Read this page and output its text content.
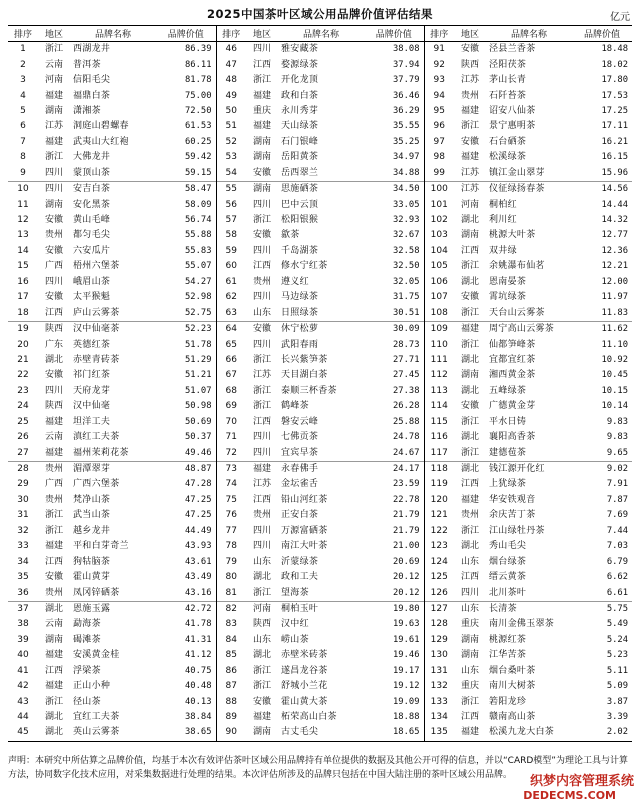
2025中国茶叶区域公用品牌价值评估结果	亿元
排序	地区	品牌名称	品牌价值	排序	地区	品牌名称	品牌价值	排序	地区	品牌名称	品牌价值
1	浙江	西湖龙井	86.39	46	四川	雅安藏茶	38.08	91	安徽	泾县兰香茶	18.48
2	云南	普洱茶	86.11	47	江西	婺源绿茶	37.94	92	陕西	泾阳茯茶	18.02
3	河南	信阳毛尖	81.78	48	浙江	开化龙顶	37.79	93	江苏	茅山长青	17.80
4	福建	福鼎白茶	75.00	49	福建	政和白茶	36.46	94	贵州	石阡苔茶	17.53
5	湖南	潇湘茶	72.50	50	重庆	永川秀芽	36.29	95	福建	诏安八仙茶	17.25
6	江苏	洞庭山碧螺春	61.53	51	福建	天山绿茶	35.55	96	浙江	景宁惠明茶	17.11
7	福建	武夷山大红袍	60.25	52	湖南	石门银峰	35.25	97	安徽	石台硒茶	16.21
8	浙江	大佛龙井	59.42	53	湖南	岳阳黄茶	34.97	98	福建	松溪绿茶	16.15
9	四川	蒙顶山茶	59.15	54	安徽	岳西翠兰	34.88	99	江苏	镇江金山翠芽	15.96
10	四川	安吉白茶	58.47	55	湖南	思施硒茶	34.50	100	江苏	仪征绿扬春茶	14.56
11	湖南	安化黑茶	58.09	56	四川	巴中云顶	33.05	101	河南	桐柏红	14.44
12	安徽	黄山毛峰	56.74	57	浙江	松阳银猴	32.93	102	湖北	利川红	14.32
13	贵州	都匀毛尖	55.88	58	安徽	歙茶	32.67	103	湖南	桃源大叶茶	12.77
14	安徽	六安瓜片	55.83	59	四川	千岛湖茶	32.58	104	江西	双井绿	12.36
15	广西	梧州六堡茶	55.07	60	江西	修水宁红茶	32.50	105	浙江	余姚瀑布仙茗	12.21
16	四川	峨眉山茶	54.27	61	贵州	遵义红	32.05	106	湖北	恩南晏茶	12.00
17	安徽	太平猴魁	52.98	62	四川	马边绿茶	31.75	107	安徽	霄坑绿茶	11.97
18	江西	庐山云雾茶	52.75	63	山东	日照绿茶	30.51	108	浙江	天台山云雾茶	11.83
19	陕西	汉中仙毫茶	52.23	64	安徽	休宁松萝	30.09	109	福建	周宁高山云雾茶	11.62
20	广东	英德红茶	51.78	65	四川	武阳春雨	28.73	110	浙江	仙都笋峰茶	11.10
21	湖北	赤壁青砖茶	51.29	66	浙江	长兴紫笋茶	27.71	111	湖北	宜都宜红茶	10.92
22	安徽	祁门红茶	51.21	67	江苏	天目湖白茶	27.45	112	湖南	湘西黄金茶	10.45
23	四川	天府龙芽	51.07	68	浙江	泰顺三杯香茶	27.38	113	湖北	五峰绿茶	10.15
24	陕西	汉中仙毫	50.98	69	浙江	鹤峰茶	26.28	114	安徽	广德黄金芽	10.14
25	福建	坦洋工夫	50.69	70	江西	磐安云峰	25.88	115	浙江	平水日铸	9.83
26	云南	滇红工夫茶	50.37	71	四川	七佛贡茶	24.78	116	湖北	襄阳高香茶	9.83
27	福建	福州茉莉花茶	49.46	72	四川	宜宾早茶	24.67	117	浙江	建德苞茶	9.65
28	贵州	湄潭翠芽	48.87	73	福建	永春佛手	24.17	118	湖北	钱江源开化红	9.02
29	广西	广西六堡茶	47.28	74	江苏	金坛雀舌	23.59	119	江西	上犹绿茶	7.91
30	贵州	梵净山茶	47.25	75	江西	铅山河红茶	22.78	120	福建	华安铁观音	7.87
31	浙江	武当山茶	47.25	76	贵州	正安白茶	21.79	121	贵州	余庆苦丁茶	7.69
32	浙江	越乡龙井	44.49	77	四川	万源富硒茶	21.79	122	浙江	江山绿牡丹茶	7.44
33	福建	平和白芽奇兰	43.93	78	四川	南江大叶茶	21.00	123	湖北	秀山毛尖	7.03
34	江西	狗牯脑茶	43.61	79	山东	沂蒙绿茶	20.69	124	山东	烟台绿茶	6.79
35	安徽	霍山黄芽	43.49	80	湖北	政和工夫	20.12	125	江西	缙云黄茶	6.62
36	贵州	凤冈锌硒茶	43.16	81	浙江	望海茶	20.12	126	四川	北川茶叶	6.61
37	湖北	恩施玉露	42.72	82	河南	桐柏玉叶	19.80	127	山东	长清茶	5.75
38	云南	勐海茶	41.78	83	陕西	汉中红	19.63	128	重庆	南川金佛玉翠茶	5.49
39	湖南	碣滩茶	41.31	84	山东	崂山茶	19.61	129	湖南	桃源红茶	5.24
40	福建	安溪黄金桂	41.12	85	湖北	赤壁米砖茶	19.46	130	湖南	江华苦茶	5.23
41	江西	浮梁茶	40.75	86	浙江	遂昌龙谷茶	19.17	131	山东	烟台桑叶茶	5.11
42	福建	正山小种	40.48	87	浙江	舒城小兰花	19.12	132	重庆	南川大树茶	5.09
43	浙江	径山茶	40.13	88	安徽	霍山黄大茶	19.09	133	浙江	箬阳龙珍	3.87
44	湖北	宜红工夫茶	38.84	89	福建	柘荣高山白茶	18.88	134	江西	赣南高山茶	3.39
45	湖北	英山云雾茶	38.65	90	湖南	古丈毛尖	18.65	135	福建	松溪九龙大白茶	2.02
声明：本研究中所估算之品牌价值，均基于本次有效评估茶叶区域公用品牌持有单位提供的数据及其他公开可得的信息，并以“CARD模型”为理论工具与计算方法，协同数字化技术应用，对采集数据进行处理的结果。本次评估所涉及的品牌只包括在中国大陆注册的茶叶区域公用品牌。	织梦内容管理系统
DEDECMS.COM
